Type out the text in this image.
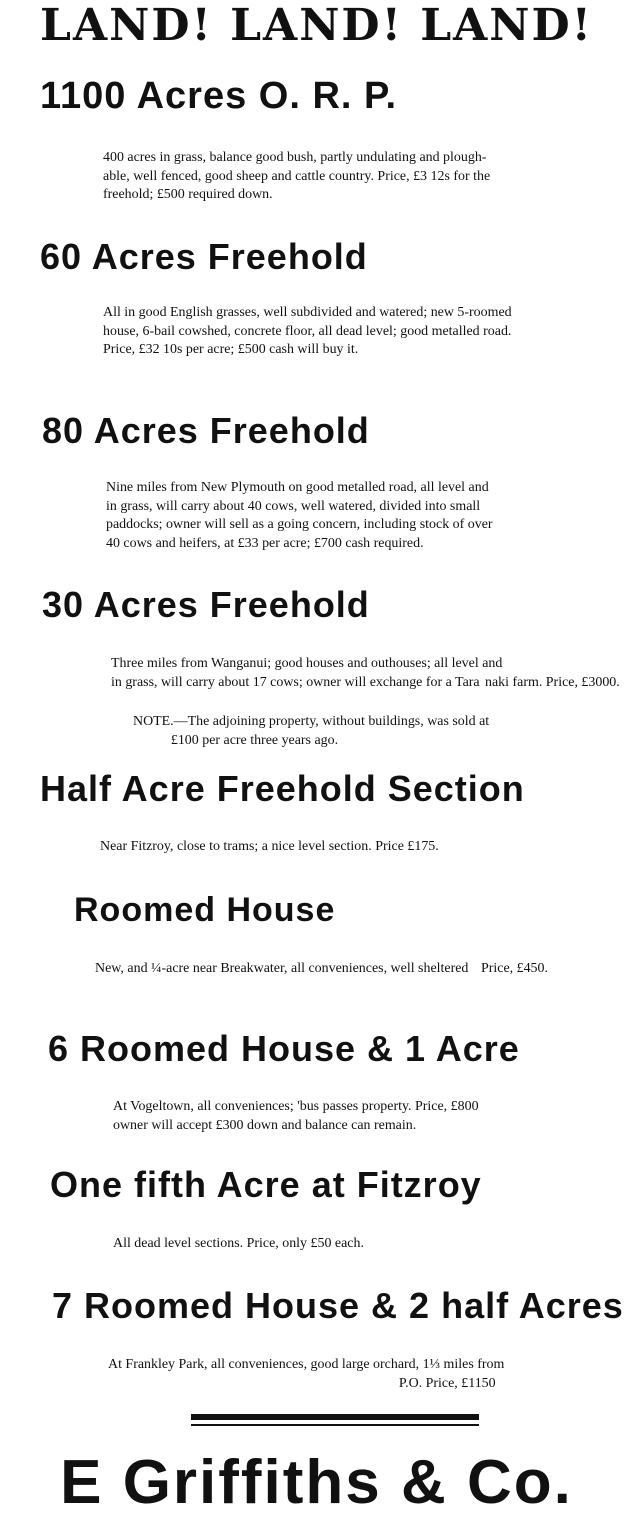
LAND! LAND! LAND!
1100 Acres O. R. P.
400 acres in grass, balance good bush, partly undulating and plough- able, well fenced, good sheep and cattle country. Price, £3 12s for the freehold; £500 required down.
60 Acres Freehold
All in good English grasses, well subdivided and watered; new 5-roomed house, 6-bail cowshed, concrete floor, all dead level; good metalled road. Price, £32 10s per acre; £500 cash will buy it.
80 Acres Freehold
Nine miles from New Plymouth on good metalled road, all level and in grass, will carry about 40 cows, well watered, divided into small paddocks; owner will sell as a going concern, including stock of over 40 cows and heifers, at £33 per acre; £700 cash required.
30 Acres Freehold
Three miles from Wanganui; good houses and outhouses; all level and in grass, will carry about 17 cows; owner will exchange for a Tara naki farm. Price, £3000.
NOTE.—The adjoining property, without buildings, was sold at £100 per acre three years ago.
Half Acre Freehold Section
Near Fitzroy, close to trams; a nice level section. Price £175.
Roomed House
New, and ¼-acre near Breakwater, all conveniences, well sheltered Price, £450.
6 Roomed House & 1 Acre
At Vogeltown, all conveniences; 'bus passes property. Price, £800 owner will accept £300 down and balance can remain.
One fifth Acre at Fitzroy
All dead level sections. Price, only £50 each.
7 Roomed House & 2 half Acres
At Frankley Park, all conveniences, good large orchard, 1⅓ miles from P.O. Price, £1150
E Griffiths & Co.
